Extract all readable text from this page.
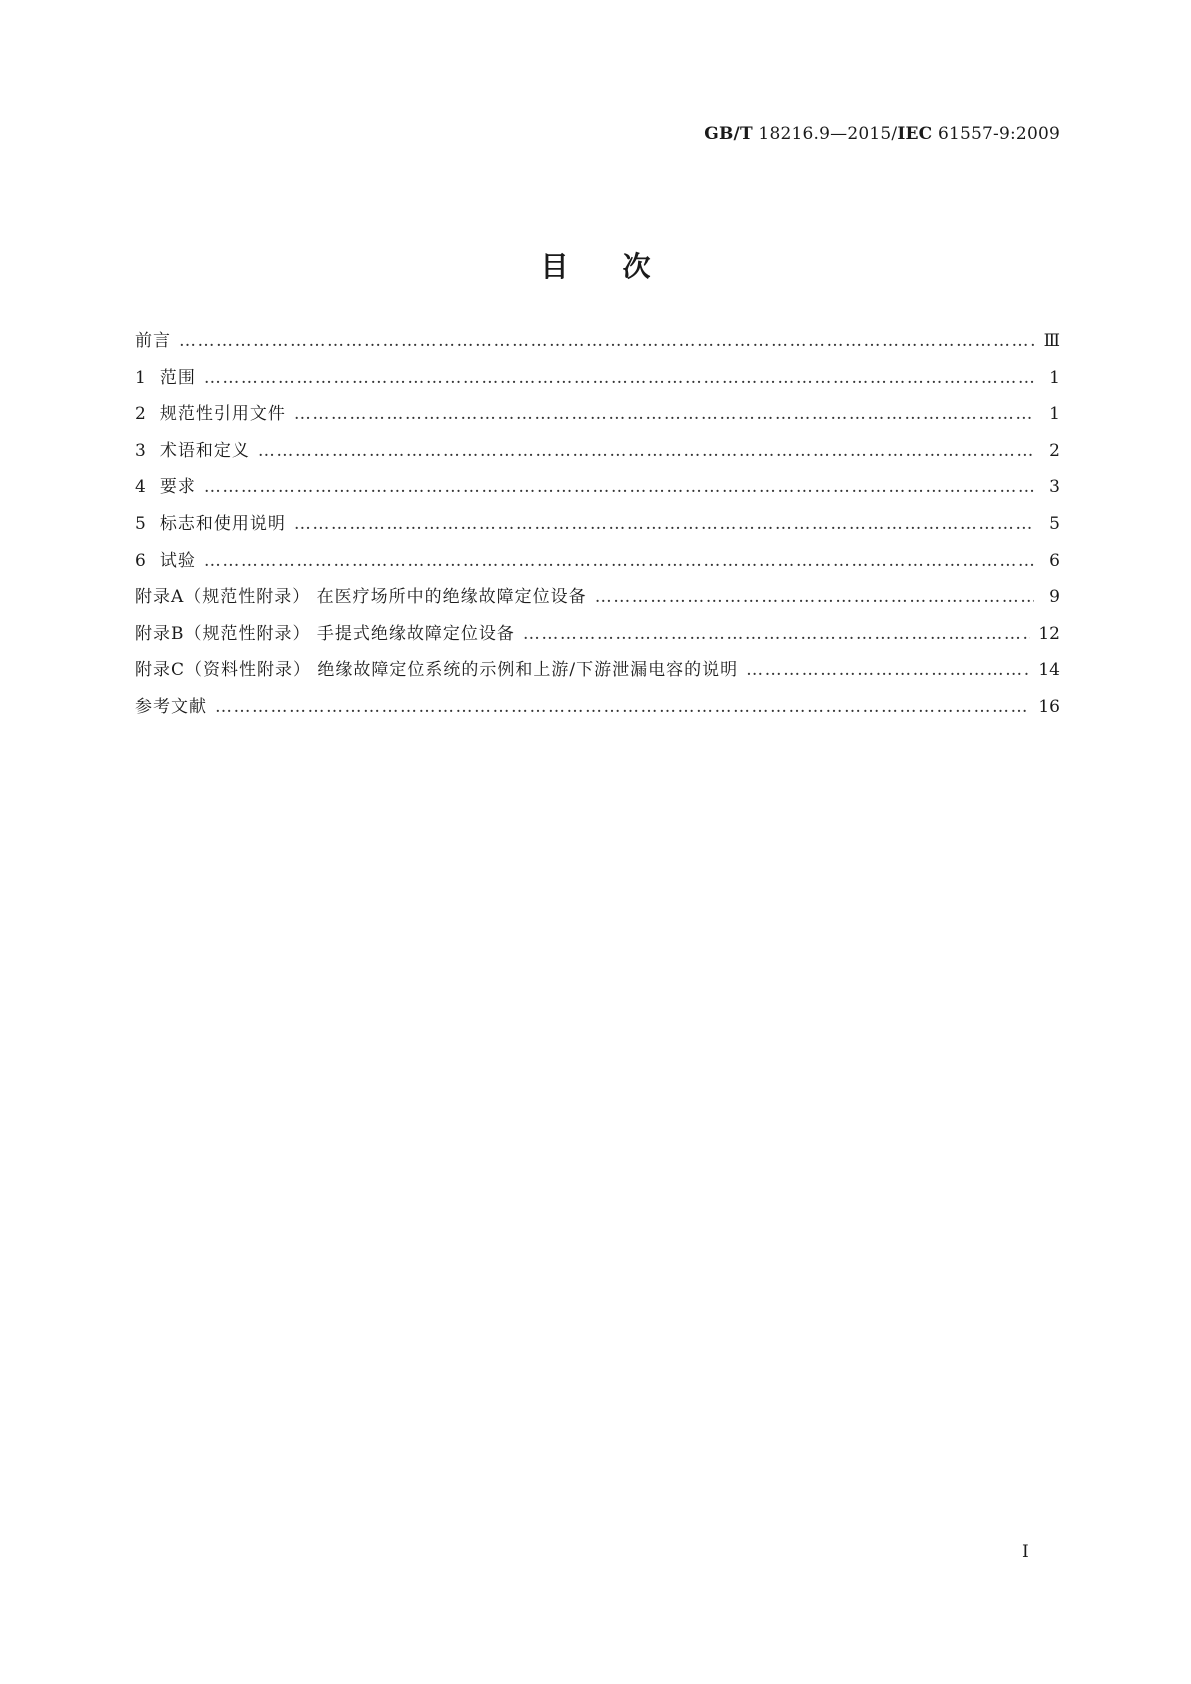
GB/T 18216.9—2015/IEC 61557-9:2009
目次
前言 ……………………………………………………………………………………………………………………………………………………………………………………………………………	Ⅲ
1 范围 ……………………………………………………………………………………………………………………………………………………………………………………………………………	1
2 规范性引用文件 ……………………………………………………………………………………………………………………………………………………………………………………………………………	1
3 术语和定义 ……………………………………………………………………………………………………………………………………………………………………………………………………………	2
4 要求 ……………………………………………………………………………………………………………………………………………………………………………………………………………	3
5 标志和使用说明 ……………………………………………………………………………………………………………………………………………………………………………………………………………	5
6 试验 ……………………………………………………………………………………………………………………………………………………………………………………………………………	6
附录A（规范性附录） 在医疗场所中的绝缘故障定位设备 ……………………………………………………………………………………………………………………………………………………………………………………………………………	9
附录B（规范性附录） 手提式绝缘故障定位设备 ……………………………………………………………………………………………………………………………………………………………………………………………………………	12
附录C（资料性附录） 绝缘故障定位系统的示例和上游/下游泄漏电容的说明 ……………………………………………………………………………………………………………………………………………………………………………………………………………	14
参考文献 ……………………………………………………………………………………………………………………………………………………………………………………………………………	16
I
